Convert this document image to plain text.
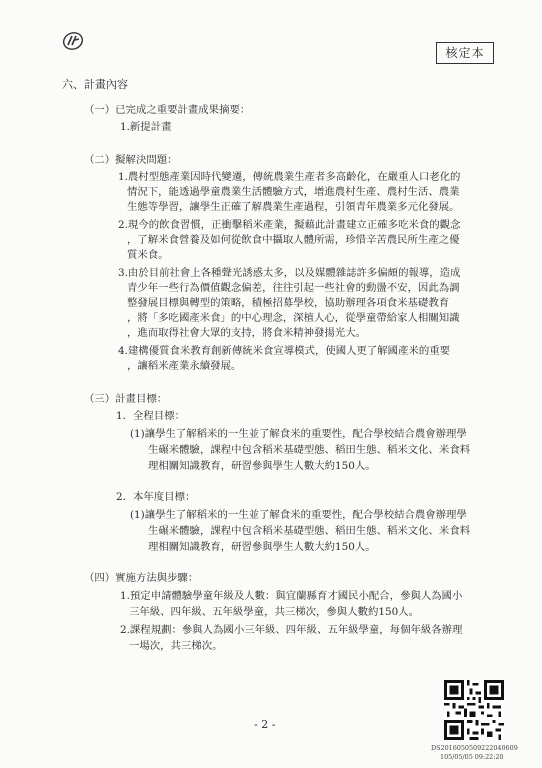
核定本
六、計畫內容
（一）已完成之重要計畫成果摘要：
1.新提計畫
（二）擬解決問題：
1.農村型態產業因時代變遷，傳統農業生產者多高齡化，在嚴重人口老化的
情況下，能透過學童農業生活體驗方式，增進農村生產、農村生活、農業
生態等學習，讓學生正確了解農業生產過程，引領青年農業多元化發展。
2.現今的飲食習慣，正衝擊稻米產業，擬藉此計畫建立正確多吃米食的觀念
，了解米食營養及如何從飲食中攝取人體所需，珍惜辛苦農民所生產之優
質米食。
3.由於目前社會上各種聲光誘惑太多，以及媒體雜誌許多偏頗的報導，造成
青少年一些行為價值觀念偏差，往往引起一些社會的動盪不安，因此為調
整發展目標與轉型的策略，積極招募學校，協助辦理各項食米基礎教育
，將「多吃國產米食」的中心理念，深植人心，從學童帶給家人相關知識
，進而取得社會大眾的支持，將食米精神發揚光大。
4.建構優質食米教育創新傳統米食宣導模式，使國人更了解國產米的重要
，讓稻米產業永續發展。
（三）計畫目標：
1．全程目標：
(1)讓學生了解稻米的一生並了解食米的重要性，配合學校結合農會辦理學
生碾米體驗，課程中包含稻米基礎型態、稻田生態、稻米文化、米食料
理相關知識教育，研習參與學生人數大約150人。
2．本年度目標：
(1)讓學生了解稻米的一生並了解食米的重要性，配合學校結合農會辦理學
生碾米體驗，課程中包含稻米基礎型態、稻田生態、稻米文化、米食料
理相關知識教育，研習參與學生人數大約150人。
（四）實施方法與步驟：
1.預定申請體驗學童年級及人數：與宜蘭縣育才國民小配合，參與人為國小
三年級、四年級、五年級學童，共三梯次，參與人數約150人。
2.課程規劃：參與人為國小三年級、四年級、五年級學童，每個年級各辦理
一場次，共三梯次。
- 2 -
DS2016050509222040609
105/05/05 09:22:20
